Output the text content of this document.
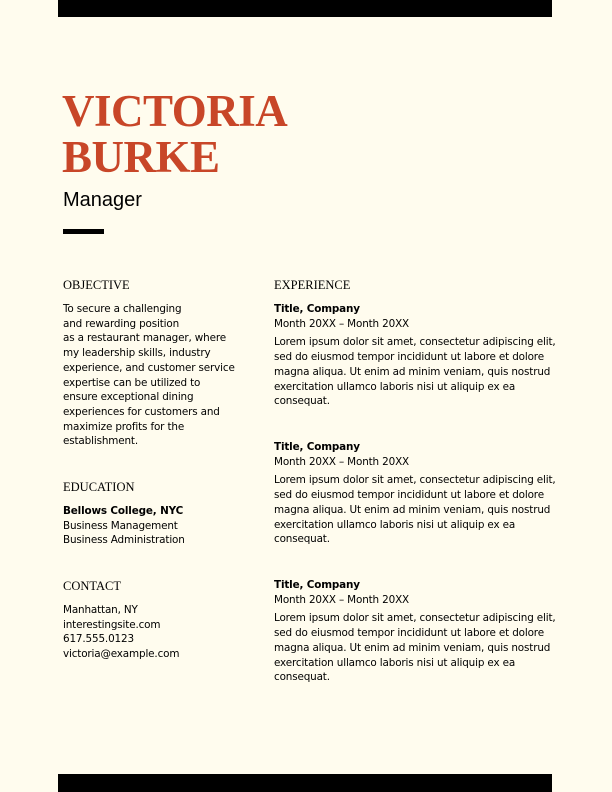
VICTORIA
BURKE
Manager
OBJECTIVE
To secure a challenging
and rewarding position
as a restaurant manager, where
my leadership skills, industry
experience, and customer service
expertise can be utilized to
ensure exceptional dining
experiences for customers and
maximize profits for the
establishment.
EDUCATION
Bellows College, NYC
Business Management
Business Administration
CONTACT
Manhattan, NY
interestingsite.com
617.555.0123
victoria@example.com
EXPERIENCE
Title, Company
Month 20XX – Month 20XX
Lorem ipsum dolor sit amet, consectetur adipiscing elit,
sed do eiusmod tempor incididunt ut labore et dolore
magna aliqua. Ut enim ad minim veniam, quis nostrud
exercitation ullamco laboris nisi ut aliquip ex ea
consequat.
Title, Company
Month 20XX – Month 20XX
Lorem ipsum dolor sit amet, consectetur adipiscing elit,
sed do eiusmod tempor incididunt ut labore et dolore
magna aliqua. Ut enim ad minim veniam, quis nostrud
exercitation ullamco laboris nisi ut aliquip ex ea
consequat.
Title, Company
Month 20XX – Month 20XX
Lorem ipsum dolor sit amet, consectetur adipiscing elit,
sed do eiusmod tempor incididunt ut labore et dolore
magna aliqua. Ut enim ad minim veniam, quis nostrud
exercitation ullamco laboris nisi ut aliquip ex ea
consequat.
